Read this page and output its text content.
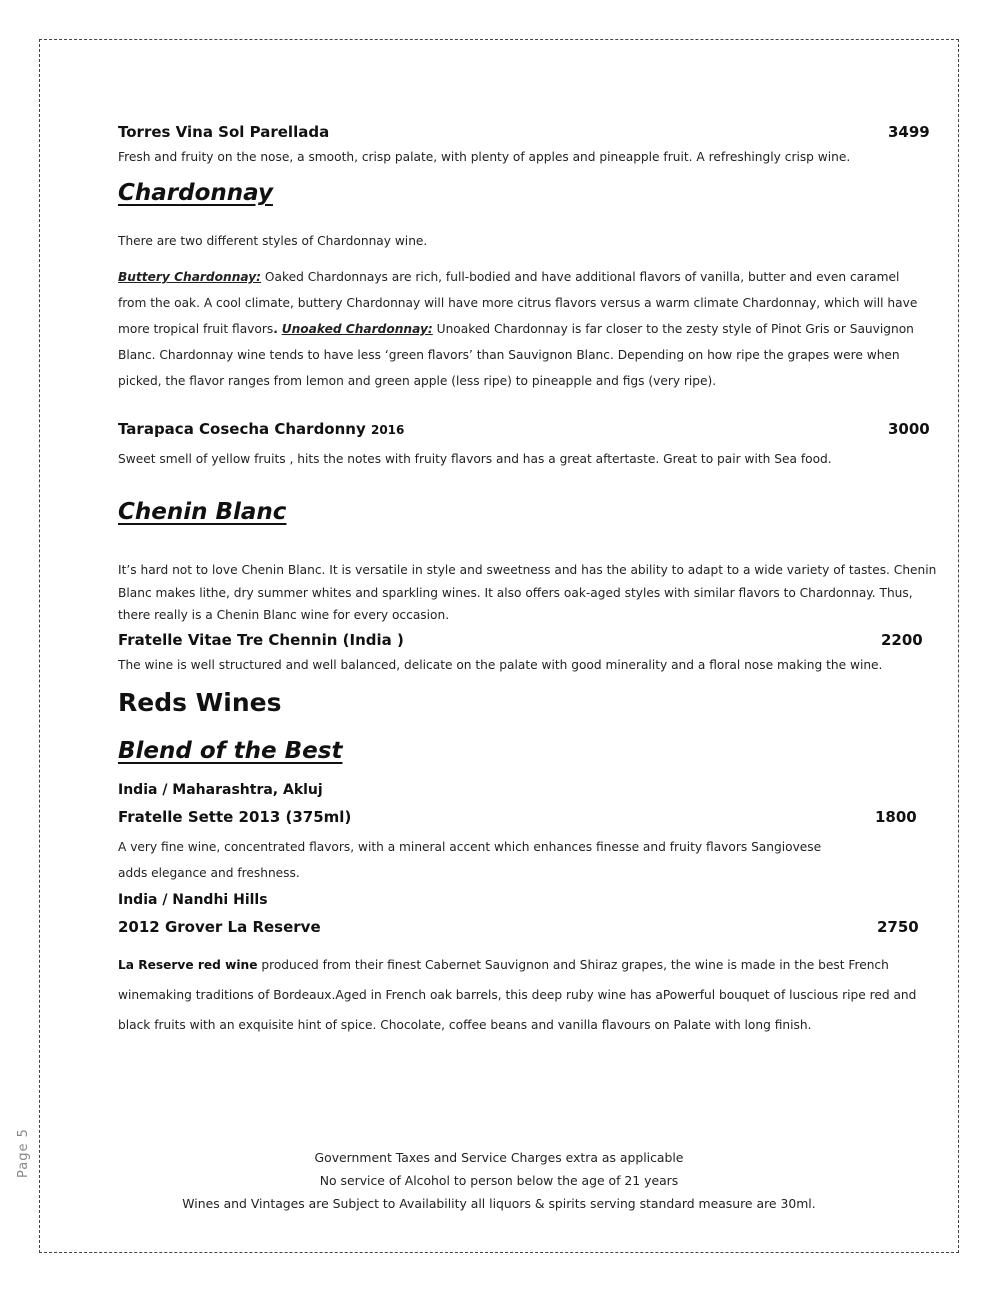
Page 5
Torres Vina Sol Parellada	3499
Fresh and fruity on the nose, a smooth, crisp palate, with plenty of apples and pineapple fruit. A refreshingly crisp wine.
Chardonnay
There are two different styles of Chardonnay wine.
Buttery Chardonnay: Oaked Chardonnays are rich, full-bodied and have additional flavors of vanilla, butter and even caramel from the oak. A cool climate, buttery Chardonnay will have more citrus flavors versus a warm climate Chardonnay, which will have more tropical fruit flavors. Unoaked Chardonnay: Unoaked Chardonnay is far closer to the zesty style of Pinot Gris or Sauvignon Blanc. Chardonnay wine tends to have less ‘green flavors’ than Sauvignon Blanc. Depending on how ripe the grapes were when picked, the flavor ranges from lemon and green apple (less ripe) to pineapple and figs (very ripe).
Tarapaca Cosecha Chardonny 2016	3000
Sweet smell of yellow fruits , hits the notes with fruity flavors and has a great aftertaste. Great to pair with Sea food.
Chenin Blanc
It’s hard not to love Chenin Blanc. It is versatile in style and sweetness and has the ability to adapt to a wide variety of tastes. Chenin Blanc makes lithe, dry summer whites and sparkling wines. It also offers oak-aged styles with similar flavors to Chardonnay. Thus, there really is a Chenin Blanc wine for every occasion.
Fratelle Vitae Tre Chennin (India )	2200
The wine is well structured and well balanced, delicate on the palate with good minerality and a floral nose making the wine.
Reds Wines
Blend of the Best
India / Maharashtra, Akluj
Fratelle Sette 2013 (375ml)	1800
A very fine wine, concentrated flavors, with a mineral accent which enhances finesse and fruity flavors Sangiovese adds elegance and freshness.
India / Nandhi Hills
2012 Grover La Reserve	2750
La Reserve red wine produced from their finest Cabernet Sauvignon and Shiraz grapes, the wine is made in the best French winemaking traditions of Bordeaux.Aged in French oak barrels, this deep ruby wine has aPowerful bouquet of luscious ripe red and black fruits with an exquisite hint of spice. Chocolate, coffee beans and vanilla flavours on Palate with long finish.
Government Taxes and Service Charges extra as applicable
No service of Alcohol to person below the age of 21 years
Wines and Vintages are Subject to Availability all liquors & spirits serving standard measure are 30ml.
